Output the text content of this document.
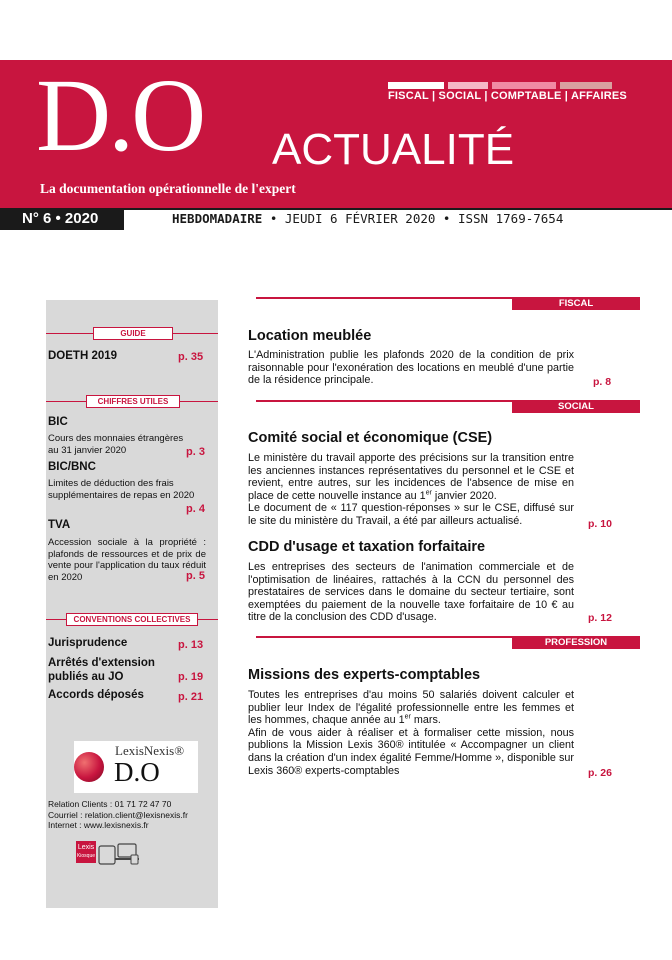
FISCAL | SOCIAL | COMPTABLE | AFFAIRES
D.O ACTUALITÉ
La documentation opérationnelle de l'expert
N° 6 • 2020	HEBDOMADAIRE • JEUDI 6 FÉVRIER 2020 • ISSN 1769-7654
GUIDE
DOETH 2019	p. 35
CHIFFRES UTILES
BIC
Cours des monnaies étrangères au 31 janvier 2020	p. 3
BIC/BNC
Limites de déduction des frais supplémentaires de repas en 2020
p. 4
TVA
Accession sociale à la propriété : plafonds de ressources et de prix de vente pour l'application du taux réduit en 2020	p. 5
CONVENTIONS COLLECTIVES
Jurisprudence	p. 13
Arrêtés d'extension publiés au JO	p. 19
Accords déposés	p. 21
LexisNexis®
D.O
Relation Clients : 01 71 72 47 70
Courriel : relation.client@lexisnexis.fr
Internet : www.lexisnexis.fr
Lexis
Kiosque
FISCAL
Location meublée
L'Administration publie les plafonds 2020 de la condition de prix raisonnable pour l'exonération des locations en meublé d'une partie de la résidence principale.	p. 8
SOCIAL
Comité social et économique (CSE)
Le ministère du travail apporte des précisions sur la transition entre les anciennes instances représentatives du personnel et le CSE et revient, entre autres, sur les incidences de l'absence de mise en place de cette nouvelle instance au 1er janvier 2020.
Le document de « 117 question-réponses » sur le CSE, diffusé sur le site du ministère du Travail, a été par ailleurs actualisé.	p. 10
CDD d'usage et taxation forfaitaire
Les entreprises des secteurs de l'animation commerciale et de l'optimisation de linéaires, rattachés à la CCN du personnel des prestataires de services dans le domaine du secteur tertiaire, sont exemptées du paiement de la nouvelle taxe forfaitaire de 10 € au titre de la conclusion des CDD d'usage.	p. 12
PROFESSION
Missions des experts-comptables
Toutes les entreprises d'au moins 50 salariés doivent calculer et publier leur Index de l'égalité professionnelle entre les femmes et les hommes, chaque année au 1er mars.
Afin de vous aider à réaliser et à formaliser cette mission, nous publions la Mission Lexis 360® intitulée « Accompagner un client dans la création d'un index égalité Femme/Homme », disponible sur Lexis 360® experts-comptables	p. 26
